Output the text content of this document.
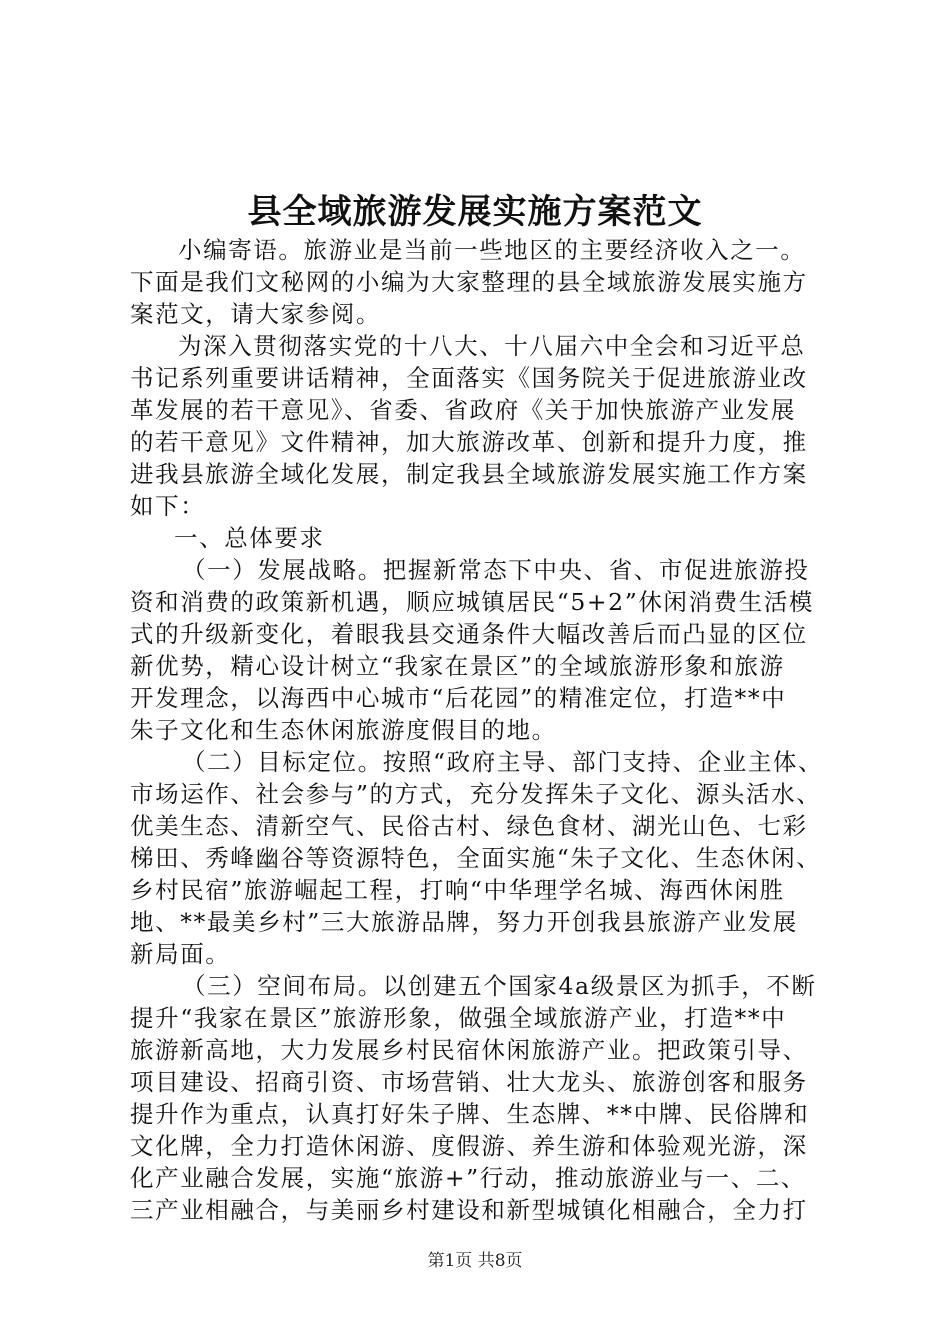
县全域旅游发展实施方案范文
小编寄语。旅游业是当前一些地区的主要经济收入之一。
下面是我们文秘网的小编为大家整理的县全域旅游发展实施方
案范文，请大家参阅。
为深入贯彻落实党的十八大、十八届六中全会和习近平总
书记系列重要讲话精神，全面落实《国务院关于促进旅游业改
革发展的若干意见》、省委、省政府《关于加快旅游产业发展
的若干意见》文件精神，加大旅游改革、创新和提升力度，推
进我县旅游全域化发展，制定我县全域旅游发展实施工作方案
如下：
一、总体要求
（一）发展战略。把握新常态下中央、省、市促进旅游投
资和消费的政策新机遇，顺应城镇居民“5+2”休闲消费生活模
式的升级新变化，着眼我县交通条件大幅改善后而凸显的区位
新优势，精心设计树立“我家在景区”的全域旅游形象和旅游
开发理念，以海西中心城市“后花园”的精准定位，打造**中
朱子文化和生态休闲旅游度假目的地。
（二）目标定位。按照“政府主导、部门支持、企业主体、
市场运作、社会参与”的方式，充分发挥朱子文化、源头活水、
优美生态、清新空气、民俗古村、绿色食材、湖光山色、七彩
梯田、秀峰幽谷等资源特色，全面实施“朱子文化、生态休闲、
乡村民宿”旅游崛起工程，打响“中华理学名城、海西休闲胜
地、**最美乡村”三大旅游品牌，努力开创我县旅游产业发展
新局面。
（三）空间布局。以创建五个国家4a级景区为抓手，不断
提升“我家在景区”旅游形象，做强全域旅游产业，打造**中
旅游新高地，大力发展乡村民宿休闲旅游产业。把政策引导、
项目建设、招商引资、市场营销、壮大龙头、旅游创客和服务
提升作为重点，认真打好朱子牌、生态牌、**中牌、民俗牌和
文化牌，全力打造休闲游、度假游、养生游和体验观光游，深
化产业融合发展，实施“旅游+”行动，推动旅游业与一、二、
三产业相融合，与美丽乡村建设和新型城镇化相融合，全力打
第1页 共8页
